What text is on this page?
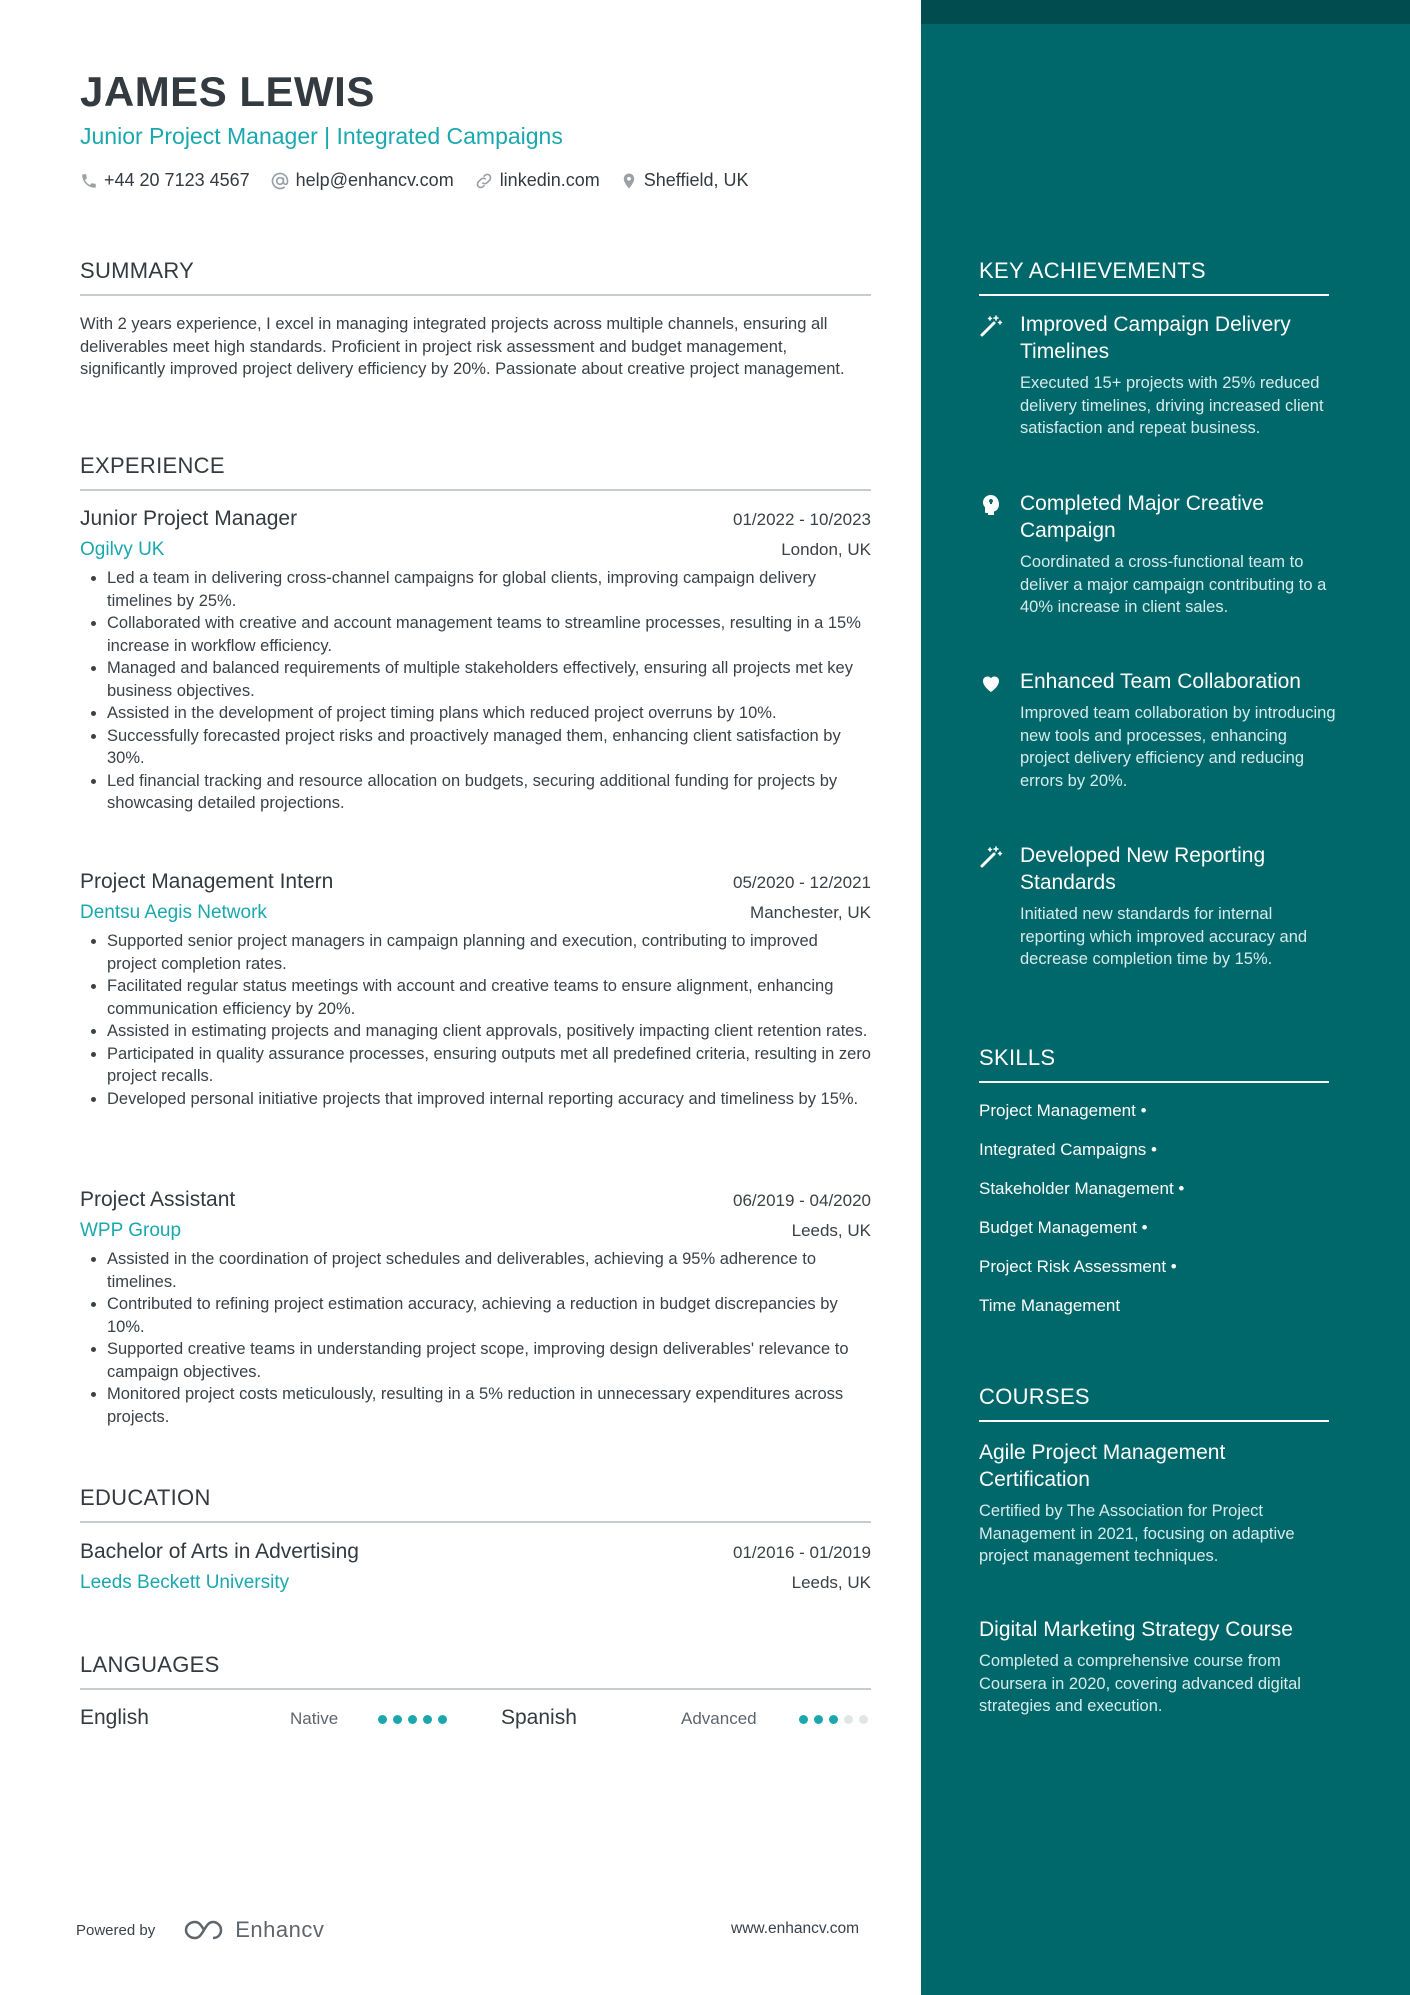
JAMES LEWIS
Junior Project Manager | Integrated Campaigns
+44 20 7123 4567	help@enhancv.com	linkedin.com Sheffield, UK
SUMMARY

With 2 years experience, I excel in managing integrated projects across multiple channels, ensuring all deliverables meet high standards. Proficient in project risk assessment and budget management, significantly improved project delivery efficiency by 20%. Passionate about creative project management.

EXPERIENCE
Junior Project Manager	01/2022 - 10/2023
Ogilvy UK	London, UK
• Led a team in delivering cross-channel campaigns for global clients, improving campaign delivery timelines by 25%.
• Collaborated with creative and account management teams to streamline processes, resulting in a 15% increase in workflow efficiency.
• Managed and balanced requirements of multiple stakeholders effectively, ensuring all projects met key business objectives.
• Assisted in the development of project timing plans which reduced project overruns by 10%.
• Successfully forecasted project risks and proactively managed them, enhancing client satisfaction by 30%.
• Led financial tracking and resource allocation on budgets, securing additional funding for projects by showcasing detailed projections.
Project Management Intern	05/2020 - 12/2021
Dentsu Aegis Network	Manchester, UK
• Supported senior project managers in campaign planning and execution, contributing to improved project completion rates.
• Facilitated regular status meetings with account and creative teams to ensure alignment, enhancing communication efficiency by 20%.
• Assisted in estimating projects and managing client approvals, positively impacting client retention rates.
• Participated in quality assurance processes, ensuring outputs met all predefined criteria, resulting in zero project recalls.
• Developed personal initiative projects that improved internal reporting accuracy and timeliness by 15%.
Project Assistant	06/2019 - 04/2020
WPP Group	Leeds, UK
• Assisted in the coordination of project schedules and deliverables, achieving a 95% adherence to timelines.
• Contributed to refining project estimation accuracy, achieving a reduction in budget discrepancies by 10%.
• Supported creative teams in understanding project scope, improving design deliverables' relevance to campaign objectives.
• Monitored project costs meticulously, resulting in a 5% reduction in unnecessary expenditures across projects.
EDUCATION
Bachelor of Arts in Advertising	01/2016 - 01/2019
Leeds Beckett University	Leeds, UK
LANGUAGES
English	Native	Spanish	Advanced
Powered by	Enhancv	www.enhancv.com
KEY ACHIEVEMENTS
Improved Campaign Delivery Timelines
Executed 15+ projects with 25% reduced delivery timelines, driving increased client satisfaction and repeat business.
Completed Major Creative Campaign
Coordinated a cross-functional team to deliver a major campaign contributing to a 40% increase in client sales.
Enhanced Team Collaboration
Improved team collaboration by introducing new tools and processes, enhancing project delivery efficiency and reducing errors by 20%.
Developed New Reporting Standards
Initiated new standards for internal reporting which improved accuracy and decrease completion time by 15%.
SKILLS
Project Management •
Integrated Campaigns •
Stakeholder Management •
Budget Management •
Project Risk Assessment •
Time Management
COURSES
Agile Project Management Certification
Certified by The Association for Project Management in 2021, focusing on adaptive project management techniques.
Digital Marketing Strategy Course
Completed a comprehensive course from Coursera in 2020, covering advanced digital strategies and execution.
